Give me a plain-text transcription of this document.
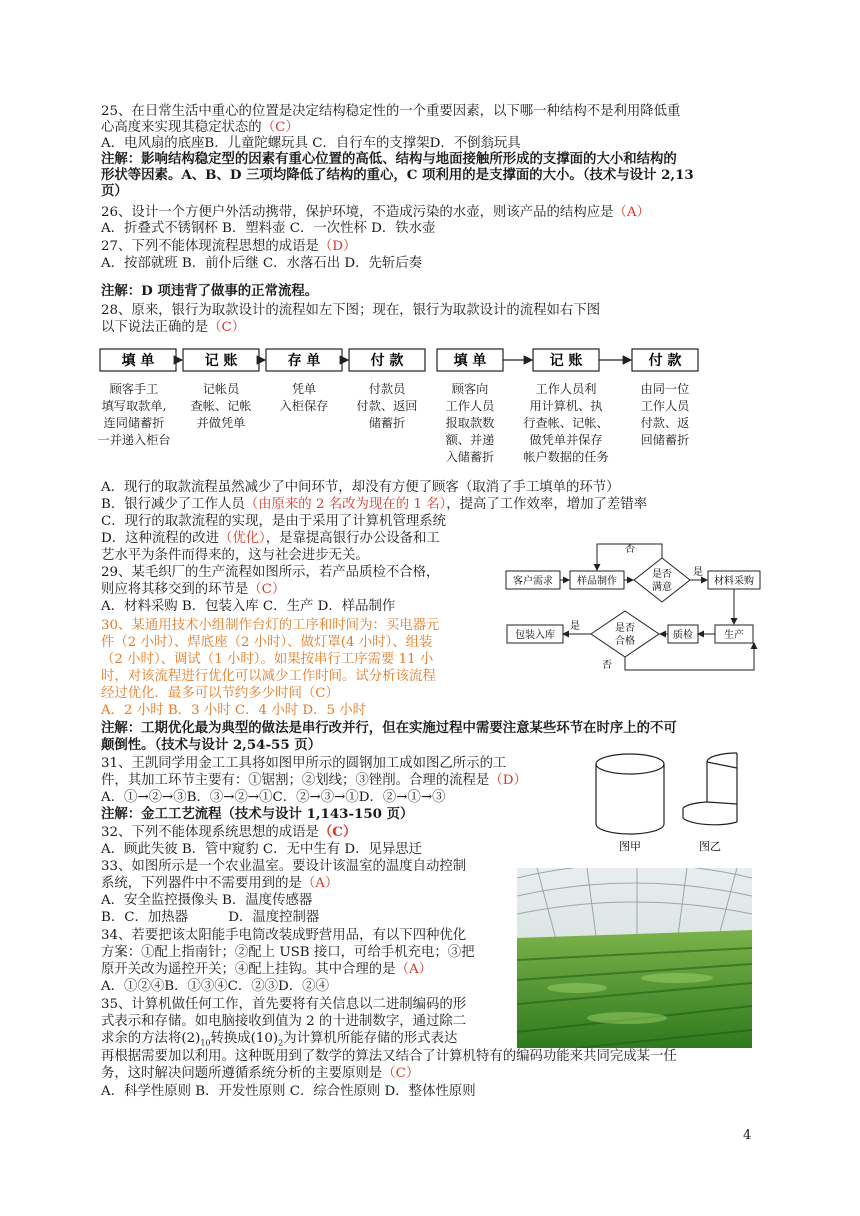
25、在日常生活中重心的位置是决定结构稳定性的一个重要因素，以下哪一种结构不是利用降低重
心高度来实现其稳定状态的（C）
A．电风扇的底座B．儿童陀螺玩具 C．自行车的支撑架D．不倒翁玩具
注解：影响结构稳定型的因素有重心位置的高低、结构与地面接触所形成的支撑面的大小和结构的
形状等因素。A、B、D 三项均降低了结构的重心，C 项利用的是支撑面的大小。（技术与设计 2,13
页）
26、设计一个方便户外活动携带，保护环境，不造成污染的水壶，则该产品的结构应是（A）
A．折叠式不锈钢杯 B．塑料壶 C．一次性杯 D．铁水壶
27、下列不能体现流程思想的成语是（D）
A．按部就班 B．前仆后继 C．水落石出 D．先斩后奏
注解：D 项违背了做事的正常流程。
28、原来，银行为取款设计的流程如左下图；现在，银行为取款设计的流程如右下图
以下说法正确的是（C）
填 单	记 账	存 单	付 款	填 单	记 账	付 款
顾客手工
填写取款单,
连同储蓄折
一并递入柜台
记帐员
查帐、记帐
并做凭单
凭单
入柜保存
付款员
付款、返回
储蓄折
顾客向
工作人员
报取款数
额、并递
入储蓄折
工作人员利
用计算机、执
行查帐、记帐、
做凭单并保存
帐户数据的任务
由同一位
工作人员
付款、返
回储蓄折
A．现行的取款流程虽然减少了中间环节，却没有方便了顾客（取消了手工填单的环节）
B．银行减少了工作人员（由原来的 2 名改为现在的 1 名），提高了工作效率，增加了差错率
C．现行的取款流程的实现，是由于采用了计算机管理系统
D．这种流程的改进（优化），是靠提高银行办公设备和工
艺水平为条件而得来的，这与社会进步无关。
29、某毛织厂的生产流程如图所示，若产品质检不合格，
则应将其移交到的环节是（C）
A．材料采购 B．包装入库 C．生产 D．样品制作
客户需求 样品制作
是否
满意
否
是
材料采购
生产
质检
是否
合格
是
包装入库
否
30、某通用技术小组制作台灯的工序和时间为：买电器元
件（2 小时）、焊底座（2 小时）、做灯罩(4 小时）、组装
（2 小时）、调试（1 小时）。如果按串行工序需要 11 小
时，对该流程进行优化可以减少工作时间。试分析该流程
经过优化．最多可以节约多少时间（C）
A．2 小时 B．3 小时 C．4 小时 D．5 小时
注解：工期优化最为典型的做法是串行改并行，但在实施过程中需要注意某些环节在时序上的不可
颠倒性。（技术与设计 2,54-55 页）
31、王凯同学用金工工具将如图甲所示的圆钢加工成如图乙所示的工
件，其加工环节主要有：①锯割；②划线；③锉削。合理的流程是（D）
A．①→②→③B．③→②→①C．②→③→①D．②→①→③
注解：金工工艺流程（技术与设计 1,143-150 页）
图甲	图乙
32、下列不能体现系统思想的成语是（C）
A．顾此失彼 B．管中窥豹 C．无中生有 D．见异思迁
33、如图所示是一个农业温室。要设计该温室的温度自动控制
系统，下列器件中不需要用到的是（A）
A．安全监控摄像头 B．温度传感器
B．C．加热器　　　D．温度控制器
34、若要把该太阳能手电筒改装成野营用品，有以下四种优化
方案：①配上指南针；②配上 USB 接口，可给手机充电；③把
原开关改为遥控开关；④配上挂钩。其中合理的是（A）
A．①②④B．①③④C．②③D．②④
35、计算机做任何工作，首先要将有关信息以二进制编码的形
式表示和存储。如电脑接收到值为 2 的十进制数字，通过除二
求余的方法将$(2)_{10}$转换成$(10)_2$为计算机所能存储的形式表达
再根据需要加以利用。这种既用到了数学的算法又结合了计算机特有的编码功能来共同完成某一任
务，这时解决问题所遵循系统分析的主要原则是（C）
A．科学性原则 B．开发性原则 C．综合性原则 D．整体性原则
4
